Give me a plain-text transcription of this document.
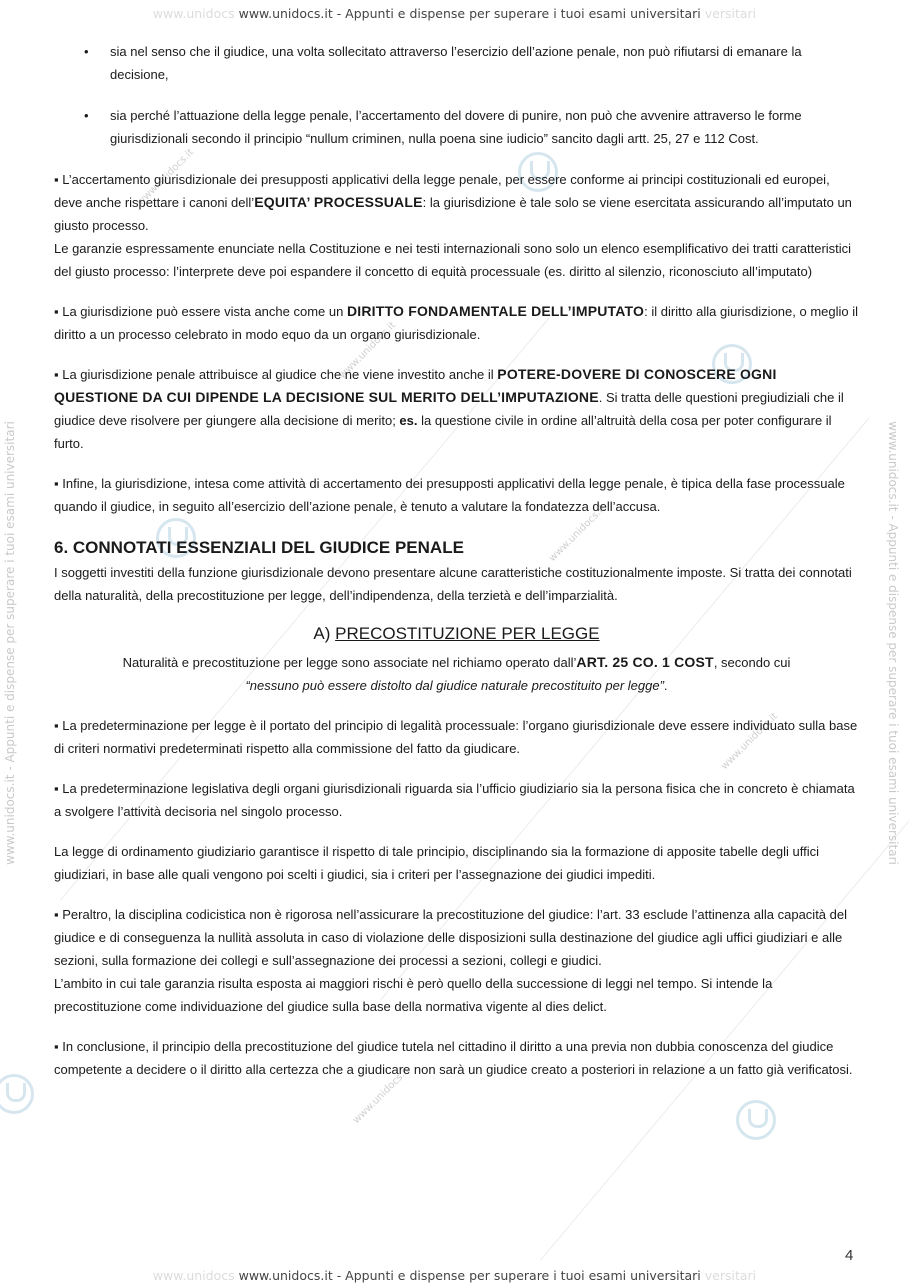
www.unidocs.it
www.unidocs.it
www.unidocs.it
www.unidocs.it
www.unidocs.it
www.unidocs www.unidocs.it - Appunti e dispense per superare i tuoi esami universitari versitari
www.unidocs.it - Appunti e dispense per superare i tuoi esami universitari	www.unidocs.it - Appunti e dispense per superare i tuoi esami universitari
• sia nel senso che il giudice, una volta sollecitato attraverso l’esercizio dell’azione penale, non può rifiutarsi di emanare la decisione,
• sia perché l’attuazione della legge penale, l’accertamento del dovere di punire, non può che avvenire attraverso le forme giurisdizionali secondo il principio “nullum criminen, nulla poena sine iudicio” sancito dagli artt. 25, 27 e 112 Cost.

▪ L’accertamento giurisdizionale dei presupposti applicativi della legge penale, per essere conforme ai principi costituzionali ed europei, deve anche rispettare i canoni dell’EQUITA’ PROCESSUALE: la giurisdizione è tale solo se viene esercitata assicurando all’imputato un giusto processo.

Le garanzie espressamente enunciate nella Costituzione e nei testi internazionali sono solo un elenco esemplificativo dei tratti caratteristici del giusto processo: l’interprete deve poi espandere il concetto di equità processuale (es. diritto al silenzio, riconosciuto all’imputato)

▪ La giurisdizione può essere vista anche come un DIRITTO FONDAMENTALE DELL’IMPUTATO: il diritto alla giurisdizione, o meglio il diritto a un processo celebrato in modo equo da un organo giurisdizionale.

▪ La giurisdizione penale attribuisce al giudice che ne viene investito anche il POTERE-DOVERE DI CONOSCERE OGNI QUESTIONE DA CUI DIPENDE LA DECISIONE SUL MERITO DELL’IMPUTAZIONE. Si tratta delle questioni pregiudiziali che il giudice deve risolvere per giungere alla decisione di merito; es. la questione civile in ordine all’altruità della cosa per poter configurare il furto.

▪ Infine, la giurisdizione, intesa come attività di accertamento dei presupposti applicativi della legge penale, è tipica della fase processuale quando il giudice, in seguito all’esercizio dell’azione penale, è tenuto a valutare la fondatezza dell’accusa.

6. CONNOTATI ESSENZIALI DEL GIUDICE PENALE

I soggetti investiti della funzione giurisdizionale devono presentare alcune caratteristiche costituzionalmente imposte. Si tratta dei connotati della naturalità, della precostituzione per legge, dell’indipendenza, della terzietà e dell’imparzialità.

A) PRECOSTITUZIONE PER LEGGE

Naturalità e precostituzione per legge sono associate nel richiamo operato dall’ART. 25 CO. 1 COST, secondo cui
“nessuno può essere distolto dal giudice naturale precostituito per legge”.

▪ La predeterminazione per legge è il portato del principio di legalità processuale: l’organo giurisdizionale deve essere individuato sulla base di criteri normativi predeterminati rispetto alla commissione del fatto da giudicare.

▪ La predeterminazione legislativa degli organi giurisdizionali riguarda sia l’ufficio giudiziario sia la persona fisica che in concreto è chiamata a svolgere l’attività decisoria nel singolo processo.

La legge di ordinamento giudiziario garantisce il rispetto di tale principio, disciplinando sia la formazione di apposite tabelle degli uffici giudiziari, in base alle quali vengono poi scelti i giudici, sia i criteri per l’assegnazione dei giudici impediti.

▪ Peraltro, la disciplina codicistica non è rigorosa nell’assicurare la precostituzione del giudice: l’art. 33 esclude l’attinenza alla capacità del giudice e di conseguenza la nullità assoluta in caso di violazione delle disposizioni sulla destinazione del giudice agli uffici giudiziari e alle sezioni, sulla formazione dei collegi e sull’assegnazione dei processi a sezioni, collegi e giudici.

L’ambito in cui tale garanzia risulta esposta ai maggiori rischi è però quello della successione di leggi nel tempo. Si intende la precostituzione come individuazione del giudice sulla base della normativa vigente al dies delict.

▪ In conclusione, il principio della precostituzione del giudice tutela nel cittadino il diritto a una previa non dubbia conoscenza del giudice competente a decidere o il diritto alla certezza che a giudicare non sarà un giudice creato a posteriori in relazione a un fatto già verificatosi.

4
www.unidocs www.unidocs.it - Appunti e dispense per superare i tuoi esami universitari versitari
